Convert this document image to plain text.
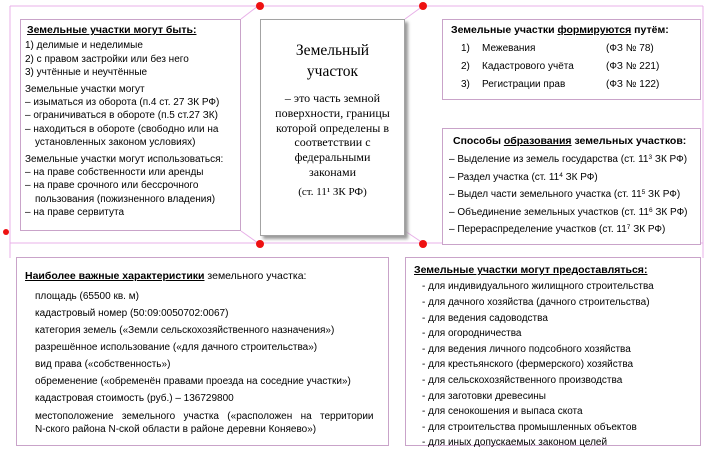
Земельные участки могут быть:
1) делимые и неделимые
2) с правом застройки или без него
3) учтённые и неучтённые
Земельные участки могут
– изыматься из оборота (п.4 ст. 27 ЗК РФ)
– ограничиваться в обороте (п.5 ст.27 ЗК)
– находиться в обороте (свободно или на
установленных законом условиях)
Земельные участки могут использоваться:
– на праве собственности или аренды
– на праве срочного или бессрочного
пользования (пожизненного владения)
– на праве сервитута
Земельный
участок
– это часть земной
поверхности, границы
которой определены в
соответствии с
федеральными
законами
(ст. 11¹ ЗК РФ)
Земельные участки формируются путём:
1) Межевания	(ФЗ № 78)
2) Кадастрового учёта	(ФЗ № 221)
3) Регистрации прав	(ФЗ № 122)
Способы образования земельных участков:
– Выделение из земель государства (ст. $11^3$ ЗК РФ)
– Раздел участка (ст. $11^4$ ЗК РФ)
– Выдел части земельного участка (ст. $11^5$ ЗК РФ)
– Объединение земельных участков (ст. $11^6$ ЗК РФ)
– Перераспределение участков (ст. $11^7$ ЗК РФ)
Наиболее важные характеристики земельного участка:
площадь (65500 кв. м)
кадастровый номер (50:09:0050702:0067)
категория земель («Земли сельскохозяйственного назначения»)
разрешённое использование («для дачного строительства»)
вид права («собственность»)
обременение («обременён правами проезда на соседние участки»)
кадастровая стоимость (руб.) – 136729800
местоположение   земельного   участка   («расположен   на   территории
N-ского района N-ской области в районе деревни Коняево»)
Земельные участки могут предоставляться:
- для индивидуального жилищного строительства
- для дачного хозяйства (дачного строительства)
- для ведения садоводства
- для огородничества
- для ведения личного подсобного хозяйства
- для крестьянского (фермерского) хозяйства
- для сельскохозяйственного производства
- для заготовки древесины
- для сенокошения и выпаса скота
- для строительства промышленных объектов
- для иных допускаемых законом целей
